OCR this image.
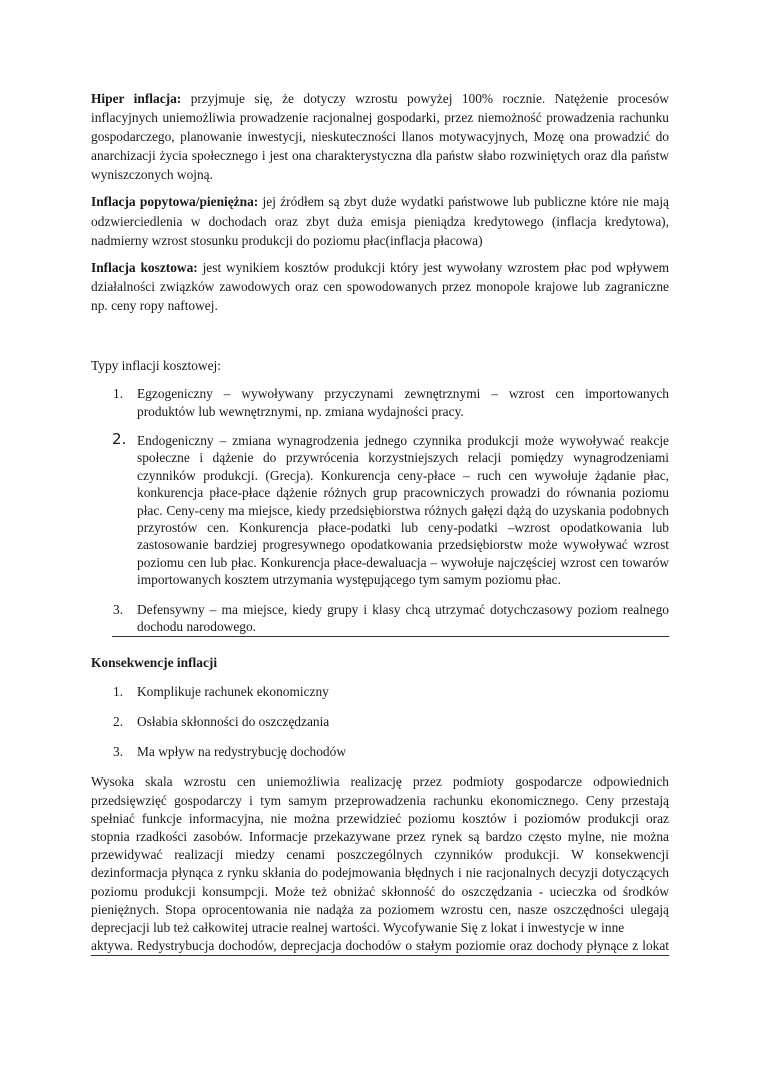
Hiper inflacja: przyjmuje się, że dotyczy wzrostu powyżej 100% rocznie. Natężenie procesów inflacyjnych uniemożliwia prowadzenie racjonalnej gospodarki, przez niemożność prowadzenia rachunku gospodarczego, planowanie inwestycji, nieskuteczności llanos motywacyjnych, Mozę ona prowadzić do anarchizacji życia społecznego i jest ona charakterystyczna dla państw słabo rozwiniętych oraz dla państw wyniszczonych wojną.

Inflacja popytowa/pieniężna: jej źródłem są zbyt duże wydatki państwowe lub publiczne które nie mają odzwierciedlenia w dochodach oraz zbyt duża emisja pieniądza kredytowego (inflacja kredytowa), nadmierny wzrost stosunku produkcji do poziomu płac(inflacja płacowa)

Inflacja kosztowa: jest wynikiem kosztów produkcji który jest wywołany wzrostem płac pod wpływem działalności związków zawodowych oraz cen spowodowanych przez monopole krajowe lub zagraniczne np. ceny ropy naftowej.

Typy inflacji kosztowej:
1. Egzogeniczny – wywoływany przyczynami zewnętrznymi – wzrost cen importowanych produktów lub wewnętrznymi, np. zmiana wydajności pracy.
2. Endogeniczny – zmiana wynagrodzenia jednego czynnika produkcji może wywoływać reakcje społeczne i dążenie do przywrócenia korzystniejszych relacji pomiędzy wynagrodzeniami czynników produkcji. (Grecja). Konkurencja ceny-płace – ruch cen wywołuje żądanie płac, konkurencja płace-płace dążenie różnych grup pracowniczych prowadzi do równania poziomu płac. Ceny-ceny ma miejsce, kiedy przedsiębiorstwa różnych gałęzi dążą do uzyskania podobnych przyrostów cen. Konkurencja płace-podatki lub ceny-podatki –wzrost opodatkowania lub zastosowanie bardziej progresywnego opodatkowania przedsiębiorstw może wywoływać wzrost poziomu cen lub płac. Konkurencja płace-dewaluacja – wywołuje najczęściej wzrost cen towarów importowanych kosztem utrzymania występującego tym samym poziomu płac.
3. Defensywny – ma miejsce, kiedy grupy i klasy chcą utrzymać dotychczasowy poziom realnego dochodu narodowego.
Konsekwencje inflacji
1. Komplikuje rachunek ekonomiczny
2. Osłabia skłonności do oszczędzania
3. Ma wpływ na redystrybucję dochodów

Wysoka skala wzrostu cen uniemożliwia realizację przez podmioty gospodarcze odpowiednich przedsięwzięć gospodarczy i tym samym przeprowadzenia rachunku ekonomicznego. Ceny przestają spełniać funkcje informacyjna, nie można przewidzieć poziomu kosztów i poziomów produkcji oraz stopnia rzadkości zasobów. Informacje przekazywane przez rynek są bardzo często mylne, nie można przewidywać realizacji miedzy cenami poszczególnych czynników produkcji. W konsekwencji dezinformacja płynąca z rynku skłania do podejmowania błędnych i nie racjonalnych decyzji dotyczących poziomu produkcji konsumpcji. Może też obniżać skłonność do oszczędzania - ucieczka od środków pieniężnych. Stopa oprocentowania nie nadąża za poziomem wzrostu cen, nasze oszczędności ulegają deprecjacji lub też całkowitej utracie realnej wartości. Wycofywanie Się z lokat i inwestycje w inne
aktywa. Redystrybucja dochodów, deprecjacja dochodów o stałym poziomie oraz dochody płynące z lokat
